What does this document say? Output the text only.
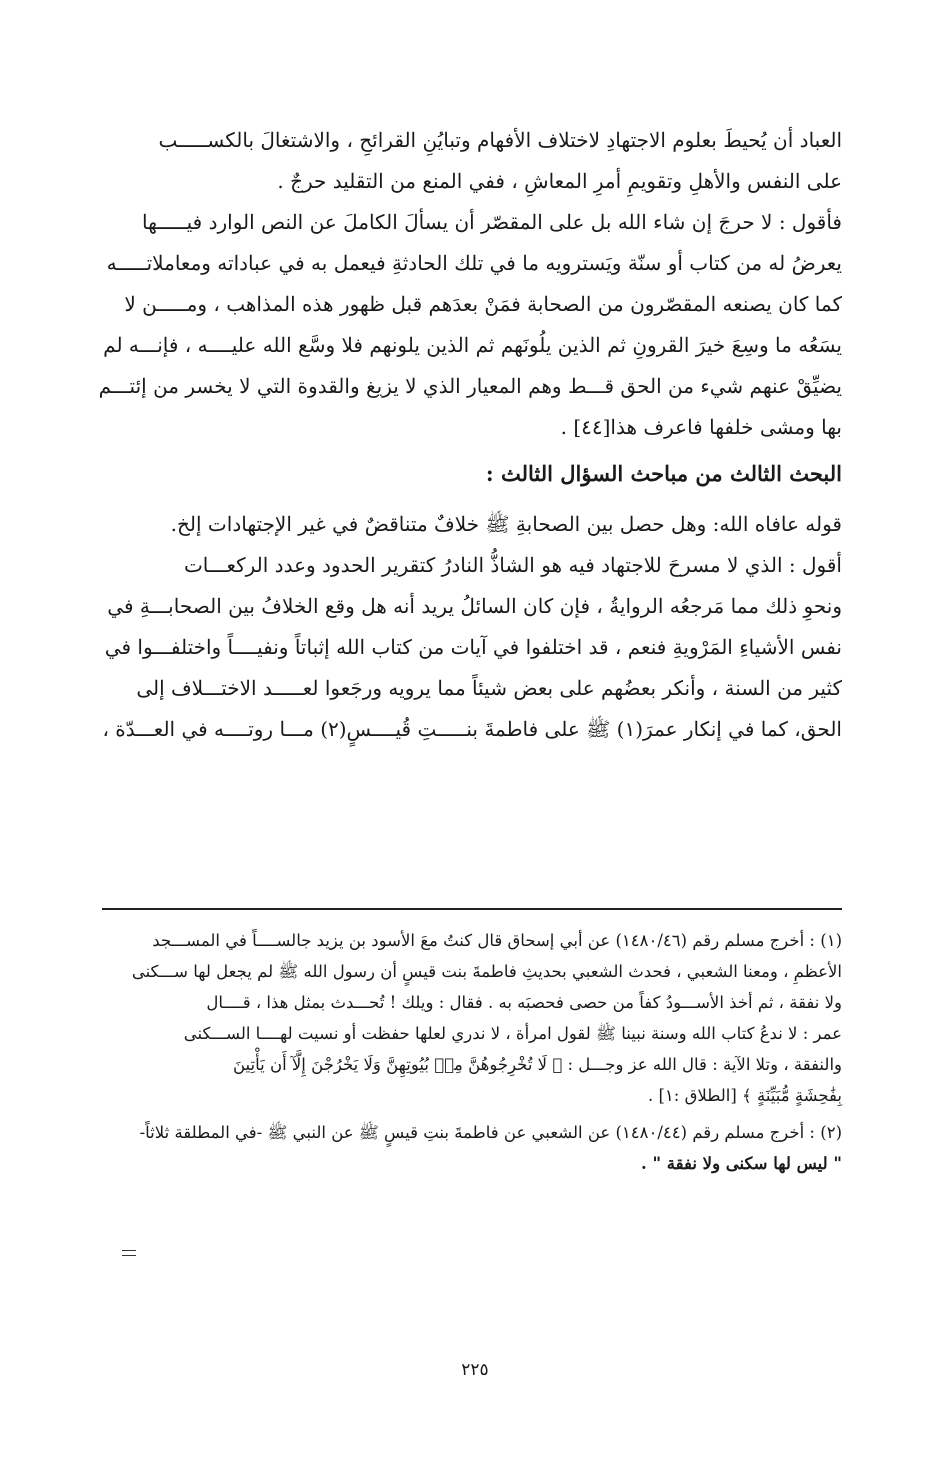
العباد أن يُحيطَ بعلوم الاجتهادِ لاختلاف الأفهام وتبايُنِ القرائحِ ، والاشتغالَ بالكســـــب
على النفس والأهلِ وتقويمِ أمرِ المعاشِ ، ففي المنع من التقليد حرجٌ .
فأقول : لا حرجَ إن شاء الله بل على المقصّر أن يسألَ الكاملَ عن النص الوارد فيـــــها
يعرضُ له من كتاب أو سنّة ويَسترويه ما في تلك الحادثةِ فيعمل به في عباداته ومعاملاتـــــه
كما كان يصنعه المقصّرون من الصحابة فمَنْ بعدَهم قبل ظهور هذه المذاهب ، ومـــــن لا
يسَعُه ما وسِعَ خيرَ القرونِ ثم الذين يلُونَهم ثم الذين يلونهم فلا وسَّع الله عليــــه ، فإنـــه لم
يضيِّقْ عنهم شيء من الحق قـــط وهم المعيار الذي لا يزيغ والقدوة التي لا يخسر من إئتـــم
بها ومشى خلفها فاعرف هذا[٤٤] .
البحث الثالث من مباحث السؤال الثالث :
قوله عافاه الله: وهل حصل بين الصحابةِ ﷺ خلافٌ متناقضٌ في غير الإجتهادات إلخ.
أقول : الذي لا مسرحَ للاجتهاد فيه هو الشاذُّ النادرُ كتقرير الحدود وعدد الركعـــات
ونحوِ ذلك مما مَرجعُه الروايةُ ، فإن كان السائلُ يريد أنه هل وقع الخلافُ بين الصحابـــةِ في
نفس الأشياءِ المَرْويةِ فنعم ، قد اختلفوا في آيات من كتاب الله إثباتاً ونفيــــاً واختلفـــوا في
كثير من السنة ، وأنكر بعضُهم على بعض شيئاً مما يرويه ورجَعوا لعـــــد الاختـــلاف إلى
الحق، كما في إنكار عمرَ(١) ﷺ على فاطمةَ بنـــــتِ قُيــــسٍ(٢) مـــا روتــــه في العـــدّة ،
(١) : أخرج مسلم رقم (١٤٨٠/٤٦) عن أبي إسحاق قال كنتُ معَ الأسود بن يزيد جالســــاً في المســـجد
الأعظمِ ، ومعنا الشعبي ، فحدث الشعبي بحديثِ فاطمةَ بنت قيسٍ أن رسول الله ﷺ لم يجعل لها ســـكنى
ولا نفقة ، ثم أخذ الأســـودُ كفاً من حصى فحصبَه به . فقال : ويلك ! تُحـــدث بمثل هذا ، قــــال
عمر : لا ندعُ كتاب الله وسنة نبينا ﷺ لقول امرأة ، لا ندري لعلها حفظت أو نسيت لهــــا الســـكنى
والنفقة ، وتلا الآية : قال الله عز وجـــل : ﴿ لَا تُخْرِجُوهُنَّ مِنۢ بُيُوتِهِنَّ وَلَا يَخْرُجْنَ إِلَّآ أَن يَأْتِينَ
بِفَٰحِشَةٍ مُّبَيِّنَةٍ ﴾ [الطلاق :١] .
(٢) : أخرج مسلم رقم (١٤٨٠/٤٤) عن الشعبي عن فاطمةَ بنتِ قيسٍ ﷺ عن النبي ﷺ -في المطلقة ثلاثاً-
" ليس لها سكنى ولا نفقة " .
٢٢٥
